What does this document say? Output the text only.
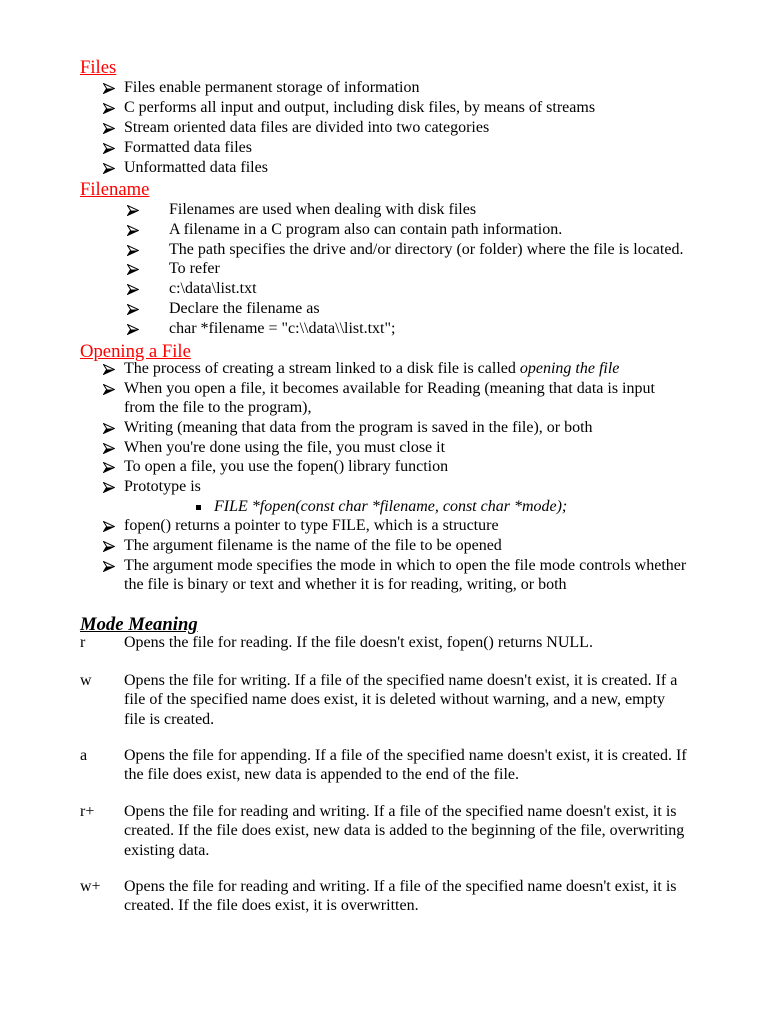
Files
Files enable permanent storage of information
C performs all input and output, including disk files, by means of streams
Stream oriented data files are divided into two categories
Formatted data files
Unformatted data files
Filename
Filenames are used when dealing with disk files
A filename in a C program also can contain path information.
The path specifies the drive and/or directory (or folder) where the file is located.
To refer
c:\data\list.txt
Declare the filename as
char *filename = "c:\\data\\list.txt";
Opening a File
The process of creating a stream linked to a disk file is called opening the file
When you open a file, it becomes available for Reading (meaning that data is input
from the file to the program),
Writing (meaning that data from the program is saved in the file), or both
When you're done using the file, you must close it
To open a file, you use the fopen() library function
Prototype is
FILE *fopen(const char *filename, const char *mode);
fopen() returns a pointer to type FILE, which is a structure
The argument filename is the name of the file to be opened
The argument mode specifies the mode in which to open the file mode controls whether
the file is binary or text and whether it is for reading, writing, or both
Mode Meaning
r Opens the file for reading. If the file doesn't exist, fopen() returns NULL.
w Opens the file for writing. If a file of the specified name doesn't exist, it is created. If a
file of the specified name does exist, it is deleted without warning, and a new, empty
file is created.
a Opens the file for appending. If a file of the specified name doesn't exist, it is created. If
the file does exist, new data is appended to the end of the file.
r+ Opens the file for reading and writing. If a file of the specified name doesn't exist, it is
created. If the file does exist, new data is added to the beginning of the file, overwriting
existing data.
w+ Opens the file for reading and writing. If a file of the specified name doesn't exist, it is
created. If the file does exist, it is overwritten.
